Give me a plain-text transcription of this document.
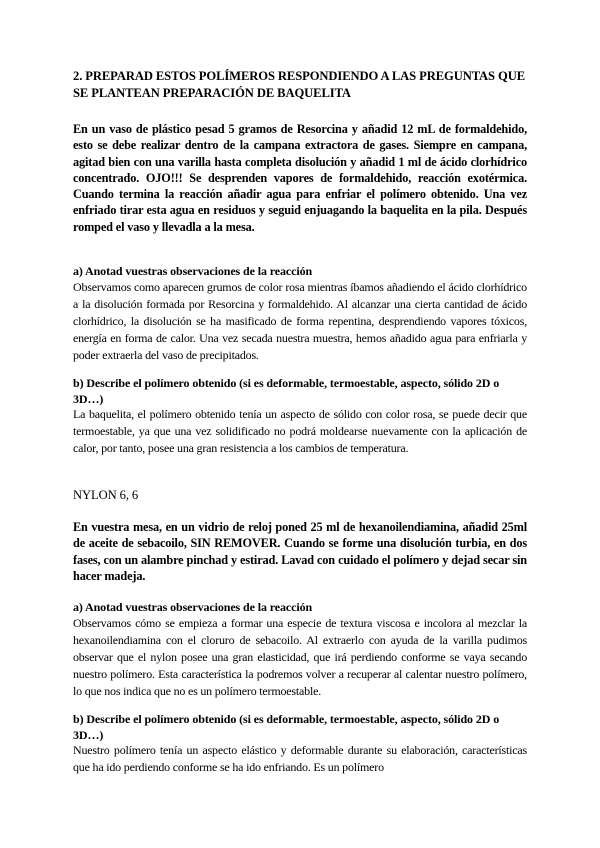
2. PREPARAD ESTOS POLÍMEROS RESPONDIENDO A LAS PREGUNTAS QUE SE PLANTEAN PREPARACIÓN DE BAQUELITA
En un vaso de plástico pesad 5 gramos de Resorcina y añadid 12 mL de formaldehido, esto se debe realizar dentro de la campana extractora de gases. Siempre en campana, agitad bien con una varilla hasta completa disolución y añadid 1 ml de ácido clorhídrico concentrado. OJO!!! Se desprenden vapores de formaldehido, reacción exotérmica. Cuando termina la reacción añadir agua para enfriar el polímero obtenido. Una vez enfriado tirar esta agua en residuos y seguid enjuagando la baquelita en la pila. Después romped el vaso y llevadla a la mesa.
a) Anotad vuestras observaciones de la reacción
Observamos como aparecen grumos de color rosa mientras íbamos añadiendo el ácido clorhídrico a la disolución formada por Resorcina y formaldehido. Al alcanzar una cierta cantidad de ácido clorhídrico, la disolución se ha masificado de forma repentina, desprendiendo vapores tóxicos, energía en forma de calor. Una vez secada nuestra muestra, hemos añadido agua para enfriarla y poder extraerla del vaso de precipitados.
b) Describe el polímero obtenido (si es deformable, termoestable, aspecto, sólido 2D o 3D…)
La baquelita, el polímero obtenido tenía un aspecto de sólido con color rosa, se puede decir que termoestable, ya que una vez solidificado no podrá moldearse nuevamente con la aplicación de calor, por tanto, posee una gran resistencia a los cambios de temperatura.
NYLON 6, 6
En vuestra mesa, en un vidrio de reloj poned 25 ml de hexanoilendiamina, añadid 25ml de aceite de sebacoilo, SIN REMOVER. Cuando se forme una disolución turbia, en dos fases, con un alambre pinchad y estirad. Lavad con cuidado el polímero y dejad secar sin hacer madeja.
a) Anotad vuestras observaciones de la reacción
Observamos cómo se empieza a formar una especie de textura viscosa e incolora al mezclar la hexanoilendiamina con el cloruro de sebacoilo. Al extraerlo con ayuda de la varilla pudimos observar que el nylon posee una gran elasticidad, que irá perdiendo conforme se vaya secando nuestro polímero. Esta característica la podremos volver a recuperar al calentar nuestro polímero, lo que nos indica que no es un polímero termoestable.
b) Describe el polímero obtenido (si es deformable, termoestable, aspecto, sólido 2D o 3D…)
Nuestro polímero tenía un aspecto elástico y deformable durante su elaboración, características que ha ido perdiendo conforme se ha ido enfriando. Es un polímero
